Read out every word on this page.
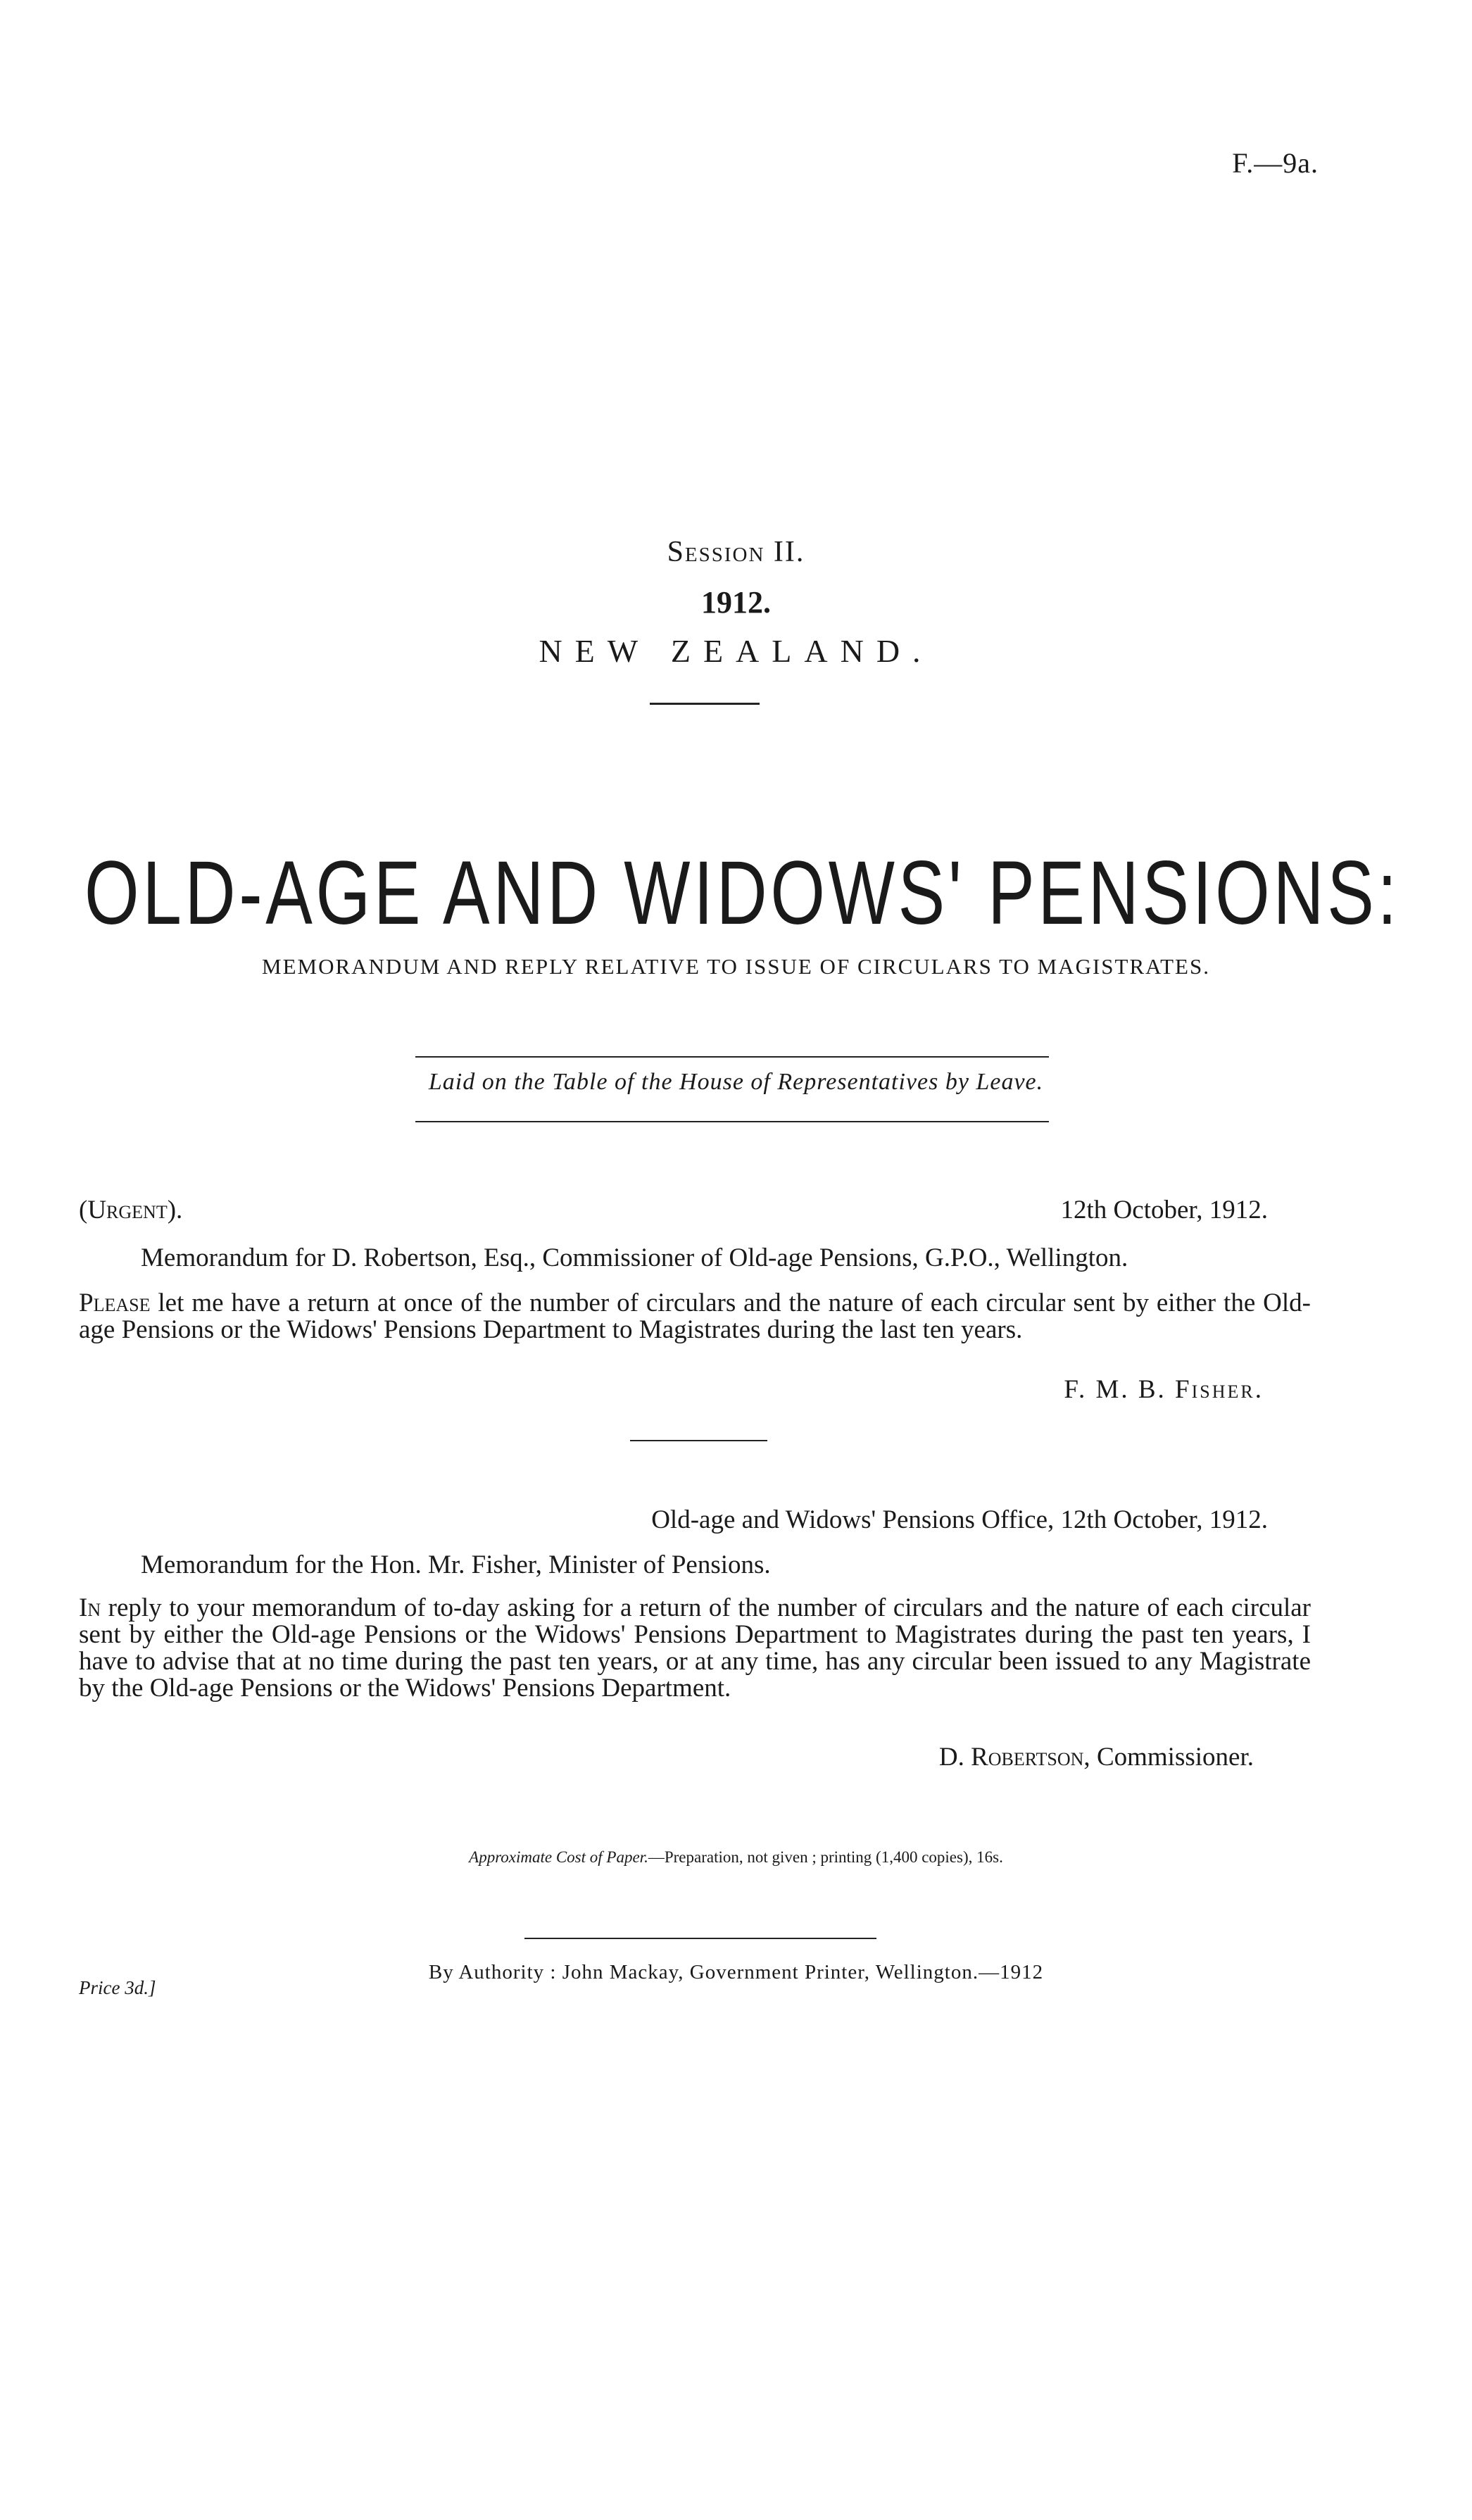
F.—9a.
Session II.
1912.
NEW ZEALAND.
OLD-AGE AND WIDOWS' PENSIONS:
MEMORANDUM AND REPLY RELATIVE TO ISSUE OF CIRCULARS TO MAGISTRATES.
Laid on the Table of the House of Representatives by Leave.
(Urgent).	12th October, 1912.
Memorandum for D. Robertson, Esq., Commissioner of Old-age Pensions, G.P.O., Wellington.
Please let me have a return at once of the number of circulars and the nature of each circular sent by either the Old-age Pensions or the Widows' Pensions Department to Magistrates during the last ten years.
F. M. B. Fisher.
Old-age and Widows' Pensions Office, 12th October, 1912.
Memorandum for the Hon. Mr. Fisher, Minister of Pensions.
In reply to your memorandum of to-day asking for a return of the number of circulars and the nature of each circular sent by either the Old-age Pensions or the Widows' Pensions Department to Magistrates during the past ten years, I have to advise that at no time during the past ten years, or at any time, has any circular been issued to any Magistrate by the Old-age Pensions or the Widows' Pensions Department.
D. Robertson, Commissioner.
Approximate Cost of Paper.—Preparation, not given ; printing (1,400 copies), 16s.
By Authority : John Mackay, Government Printer, Wellington.—1912
Price 3d.]
